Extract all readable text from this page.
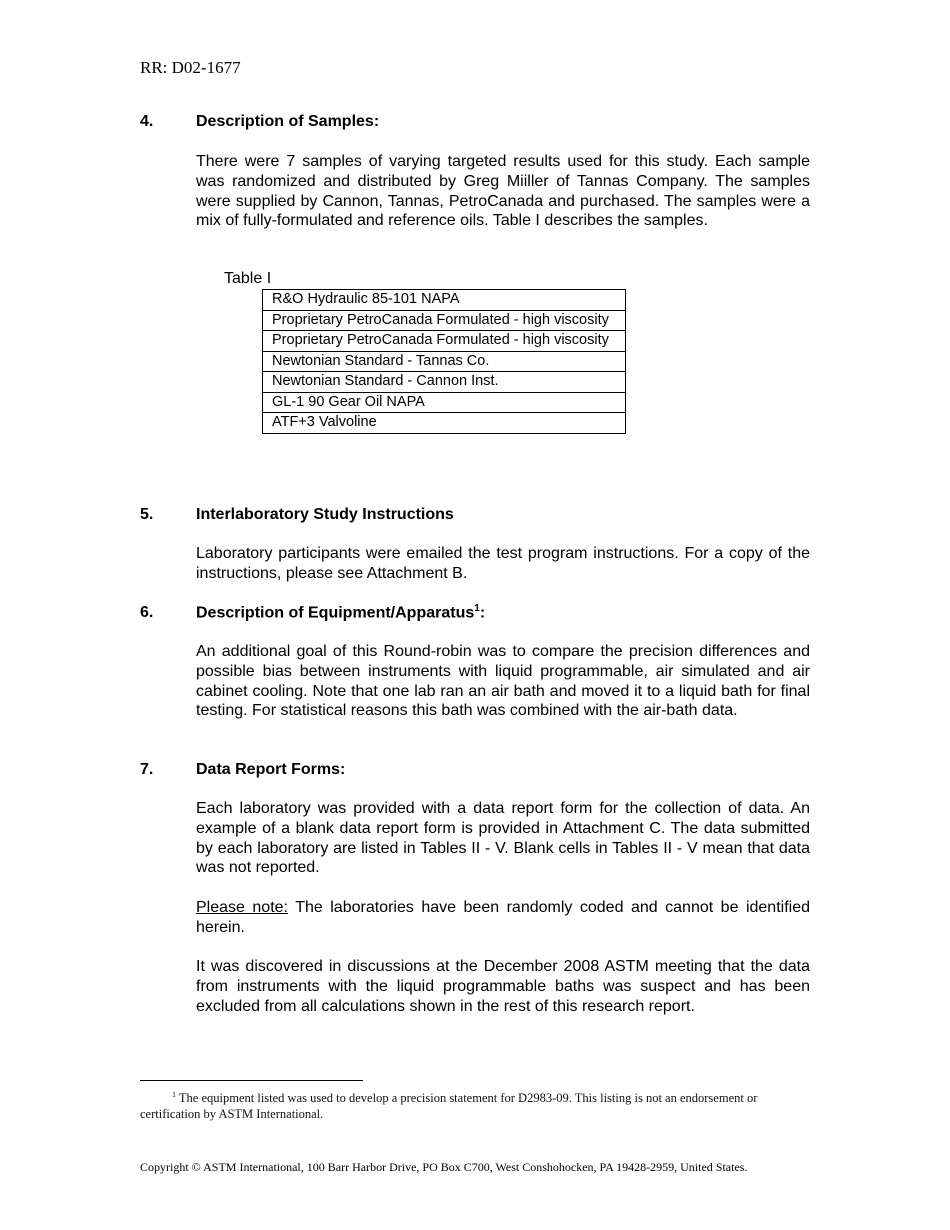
RR: D02-1677
4.	Description of Samples:
There were 7 samples of varying targeted results used for this study. Each sample was randomized and distributed by Greg Miiller of Tannas Company. The samples were supplied by Cannon, Tannas, PetroCanada and purchased. The samples were a mix of fully-formulated and reference oils. Table I describes the samples.
Table I
R&O Hydraulic 85-101 NAPA
Proprietary PetroCanada Formulated - high viscosity
Proprietary PetroCanada Formulated - high viscosity
Newtonian Standard - Tannas Co.
Newtonian Standard - Cannon Inst.
GL-1 90 Gear Oil NAPA
ATF+3 Valvoline
5.	Interlaboratory Study Instructions
Laboratory participants were emailed the test program instructions. For a copy of the instructions, please see Attachment B.
6.	Description of Equipment/Apparatus$^1$:
An additional goal of this Round-robin was to compare the precision differences and possible bias between instruments with liquid programmable, air simulated and air cabinet cooling. Note that one lab ran an air bath and moved it to a liquid bath for final testing. For statistical reasons this bath was combined with the air-bath data.
7.	Data Report Forms:
Each laboratory was provided with a data report form for the collection of data. An example of a blank data report form is provided in Attachment C. The data submitted by each laboratory are listed in Tables II - V. Blank cells in Tables II - V mean that data was not reported.
Please note: The laboratories have been randomly coded and cannot be identified herein.
It was discovered in discussions at the December 2008 ASTM meeting that the data from instruments with the liquid programmable baths was suspect and has been excluded from all calculations shown in the rest of this research report.
$^1$ The equipment listed was used to develop a precision statement for D2983-09. This listing is not an endorsement or certification by ASTM International.
Copyright © ASTM International, 100 Barr Harbor Drive, PO Box C700, West Conshohocken, PA 19428-2959, United States.
